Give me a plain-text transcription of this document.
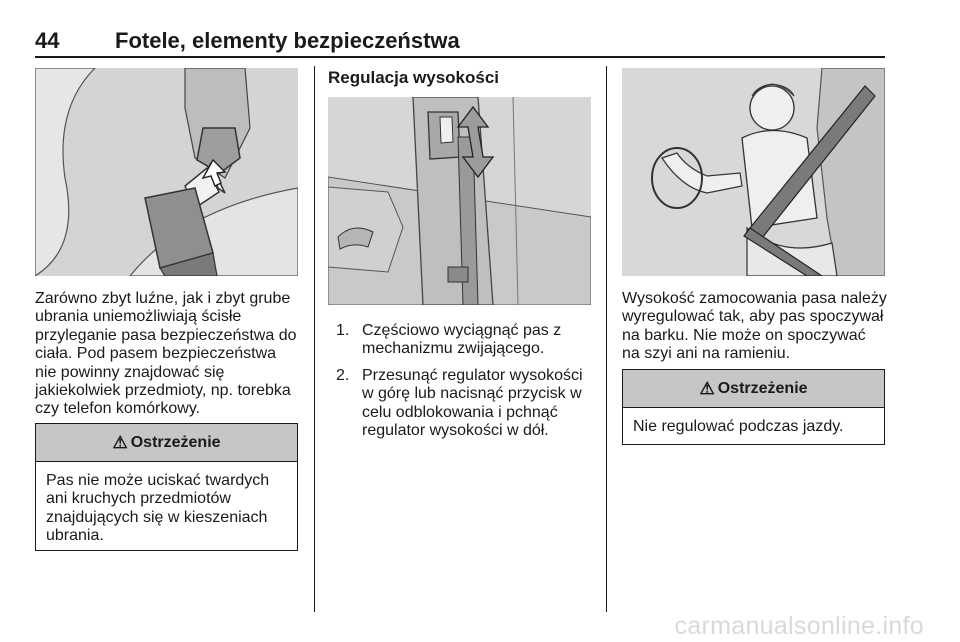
44	Fotele, elementy bezpieczeństwa
Zarówno zbyt luźne, jak i zbyt grube ubrania uniemożliwiają ścisłe przyleganie pasa bezpieczeństwa do ciała. Pod pasem bezpieczeństwa nie powinny znajdować się jakiekolwiek przedmioty, np. torebka czy telefon komórkowy.
⚠ Ostrzeżenie
Pas nie może uciskać twardych ani kruchych przedmiotów znajdujących się w kieszeniach ubrania.
Regulacja wysokości
1. Częściowo wyciągnąć pas z mechanizmu zwijającego.
2. Przesunąć regulator wysokości w górę lub nacisnąć przycisk w celu odblokowania i pchnąć regulator wysokości w dół.
Wysokość zamocowania pasa należy wyregulować tak, aby pas spoczywał na barku. Nie może on spoczywać na szyi ani na ramieniu.
⚠ Ostrzeżenie
Nie regulować podczas jazdy.
carmanualsonline.info
